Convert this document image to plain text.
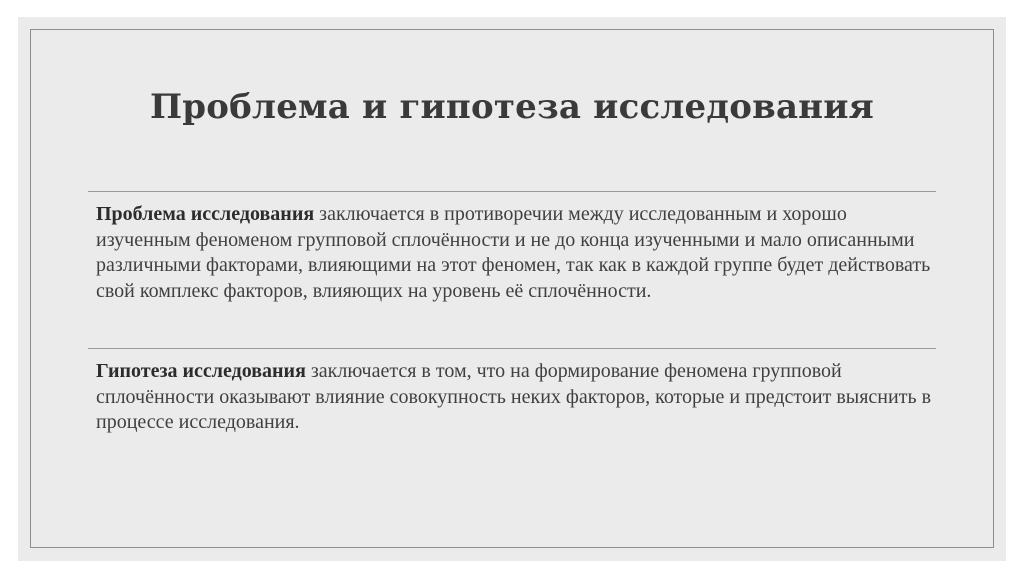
Проблема и гипотеза исследования
Проблема исследования заключается в противоречии между исследованным и хорошо изученным феноменом групповой сплочённости и не до конца изученными и мало описанными различными факторами, влияющими на этот феномен, так как в каждой группе будет действовать свой комплекс факторов, влияющих на уровень её сплочённости.
Гипотеза исследования заключается в том, что на формирование феномена групповой сплочённости оказывают влияние совокупность неких факторов, которые и предстоит выяснить в процессе исследования.
